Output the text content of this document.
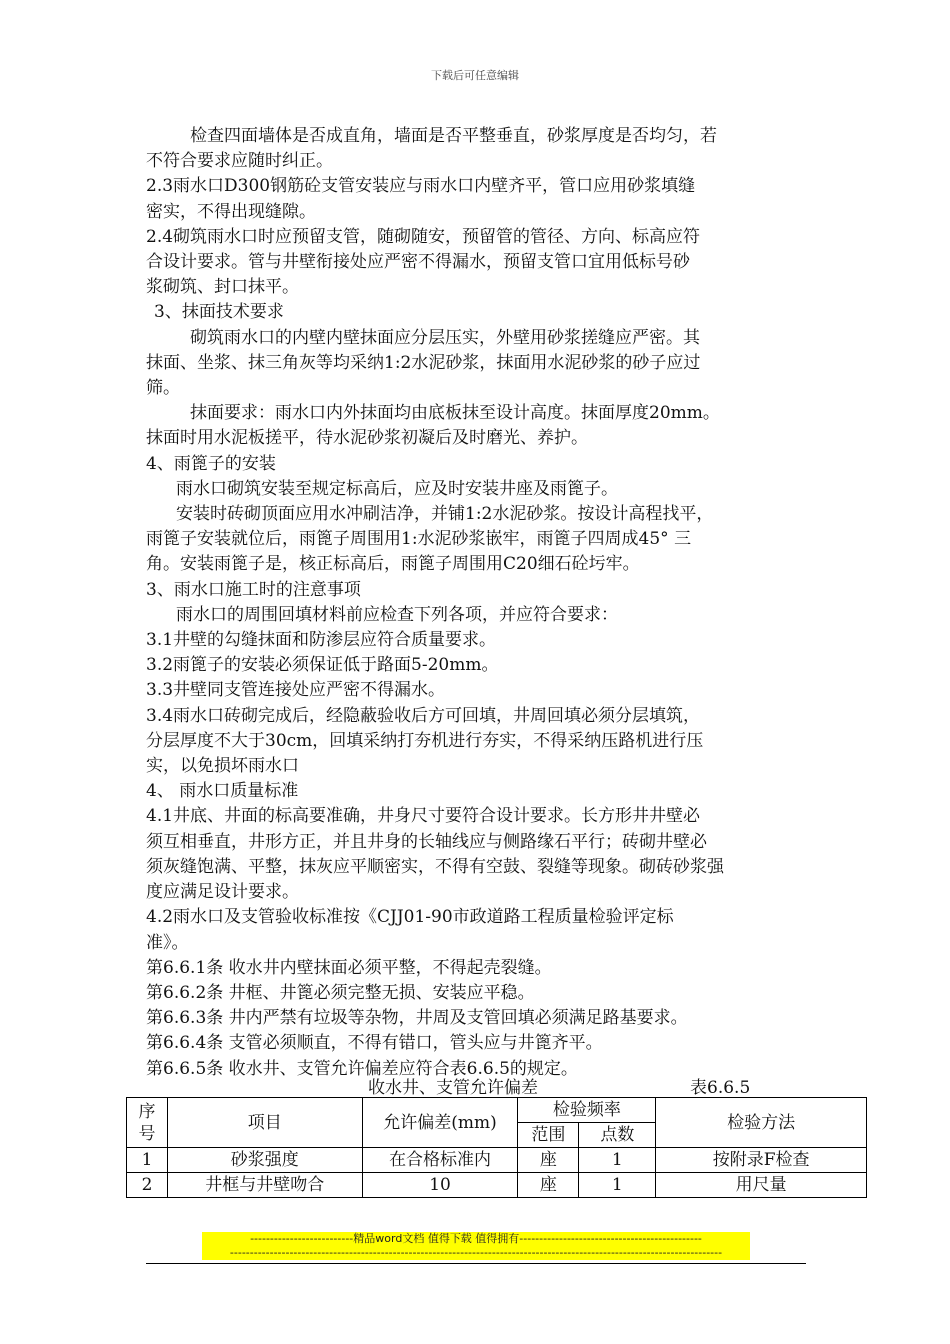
下载后可任意编辑
检查四面墙体是否成直角，墙面是否平整垂直，砂浆厚度是否均匀，若
不符合要求应随时纠正。
2.3雨水口D300钢筋砼支管安装应与雨水口内壁齐平，管口应用砂浆填缝
密实，不得出现缝隙。
2.4砌筑雨水口时应预留支管，随砌随安，预留管的管径、方向、标高应符
合设计要求。管与井壁衔接处应严密不得漏水，预留支管口宜用低标号砂
浆砌筑、封口抹平。
3、抹面技术要求
砌筑雨水口的内壁内壁抹面应分层压实，外壁用砂浆搓缝应严密。其
抹面、坐浆、抹三角灰等均采纳1:2水泥砂浆，抹面用水泥砂浆的砂子应过
筛。
抹面要求：雨水口内外抹面均由底板抹至设计高度。抹面厚度20mm。
抹面时用水泥板搓平，待水泥砂浆初凝后及时磨光、养护。
4、雨篦子的安装
雨水口砌筑安装至规定标高后，应及时安装井座及雨篦子。
安装时砖砌顶面应用水冲刷洁净，并铺1:2水泥砂浆。按设计高程找平，
雨篦子安装就位后，雨篦子周围用1:水泥砂浆嵌牢，雨篦子四周成45° 三
角。安装雨篦子是，核正标高后，雨篦子周围用C20细石砼圬牢。
3、雨水口施工时的注意事项
雨水口的周围回填材料前应检查下列各项，并应符合要求：
3.1井壁的勾缝抹面和防渗层应符合质量要求。
3.2雨篦子的安装必须保证低于路面5-20mm。
3.3井壁同支管连接处应严密不得漏水。
3.4雨水口砖砌完成后，经隐蔽验收后方可回填，井周回填必须分层填筑，
分层厚度不大于30cm，回填采纳打夯机进行夯实，不得采纳压路机进行压
实，以免损坏雨水口
4、 雨水口质量标准
4.1井底、井面的标高要准确，井身尺寸要符合设计要求。长方形井井壁必
须互相垂直，井形方正，并且井身的长轴线应与侧路缘石平行；砖砌井壁必
须灰缝饱满、平整，抹灰应平顺密实，不得有空鼓、裂缝等现象。砌砖砂浆强
度应满足设计要求。
4.2雨水口及支管验收标准按《CJJ01-90市政道路工程质量检验评定标
准》。
第6.6.1条 收水井内壁抹面必须平整，不得起壳裂缝。
第6.6.2条 井框、井篦必须完整无损、安装应平稳。
第6.6.3条 井内严禁有垃圾等杂物，井周及支管回填必须满足路基要求。
第6.6.4条 支管必须顺直，不得有错口，管头应与井篦齐平。
第6.6.5条 收水井、支管允许偏差应符合表6.6.5的规定。
收水井、支管允许偏差	表6.6.5
序号	项目	允许偏差(mm)	检验频率		检验方法
			范围	点数	
1	砂浆强度	在合格标准内	座	1	按附录F检查
2	井框与井壁吻合	10	座	1	用尺量
--------------------------精品word文档 值得下载 值得拥有----------------------------------------------
----------------------------------------------------------------------------------------------------------------------------
